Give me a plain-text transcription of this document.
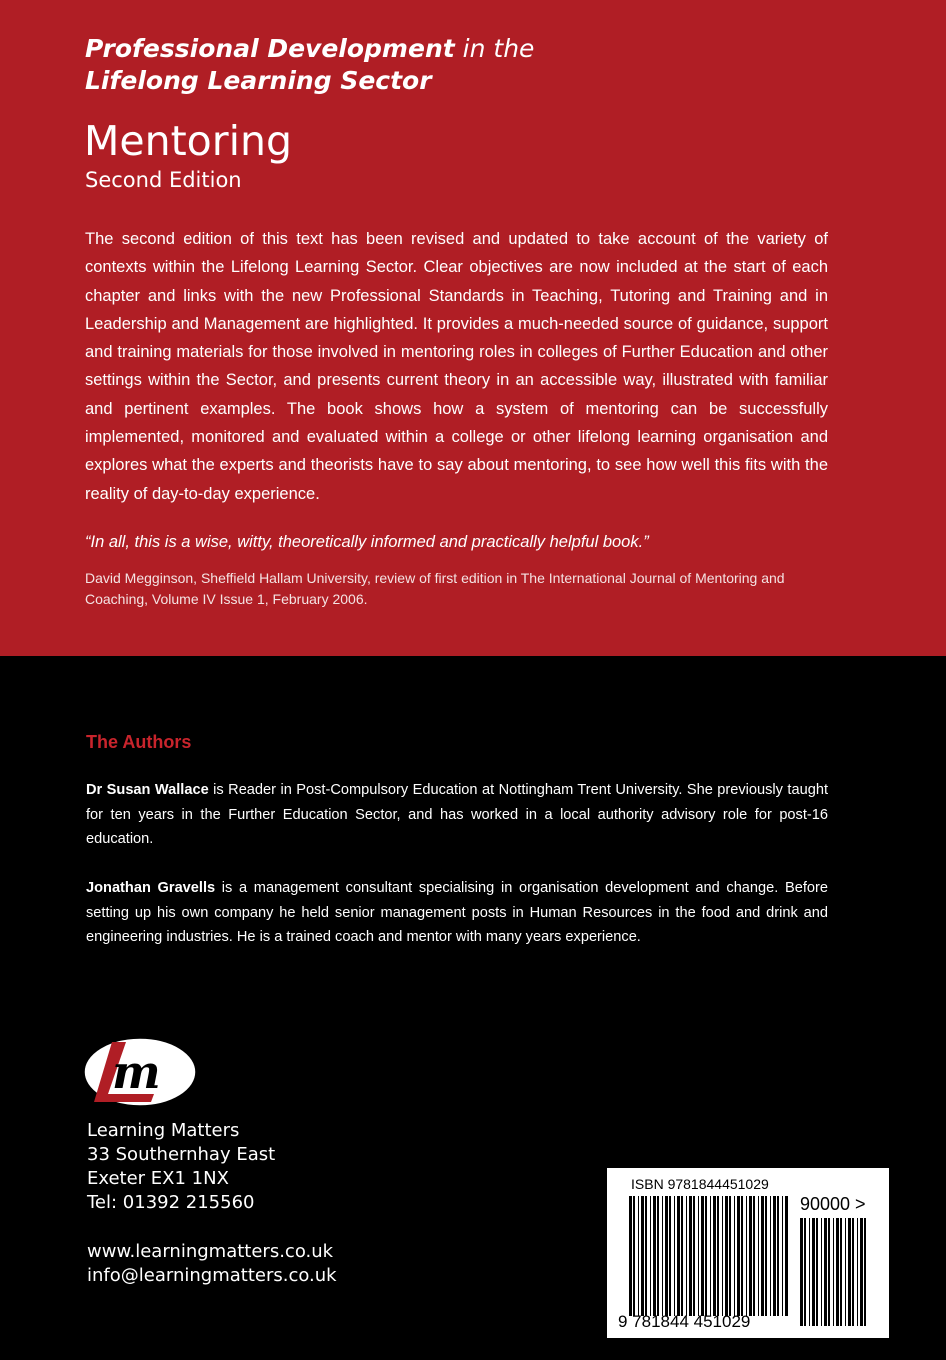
Professional Development in the
Lifelong Learning Sector
Mentoring
Second Edition

The second edition of this text has been revised and updated to take account of the variety of contexts within the Lifelong Learning Sector. Clear objectives are now included at the start of each chapter and links with the new Professional Standards in Teaching, Tutoring and Training and in Leadership and Management are highlighted. It provides a much-needed source of guidance, support and training materials for those involved in mentoring roles in colleges of Further Education and other settings within the Sector, and presents current theory in an accessible way, illustrated with familiar and pertinent examples. The book shows how a system of mentoring can be successfully implemented, monitored and evaluated within a college or other lifelong learning organisation and explores what the experts and theorists have to say about mentoring, to see how well this fits with the reality of day-to-day experience.

“In all, this is a wise, witty, theoretically informed and practically helpful book.”

David Megginson, Sheffield Hallam University, review of first edition in The International Journal of Mentoring and Coaching, Volume IV Issue 1, February 2006.

The Authors

Dr Susan Wallace is Reader in Post-Compulsory Education at Nottingham Trent University. She previously taught for ten years in the Further Education Sector, and has worked in a local authority advisory role for post-16 education.

Jonathan Gravells is a management consultant specialising in organisation development and change. Before setting up his own company he held senior management posts in Human Resources in the food and drink and engineering industries. He is a trained coach and mentor with many years experience.

m
Learning Matters
33 Southernhay East
Exeter EX1 1NX
Tel: 01392 215560
www.learningmatters.co.uk
info@learningmatters.co.uk
ISBN 9781844451029
90000 >
9 781844 451029
